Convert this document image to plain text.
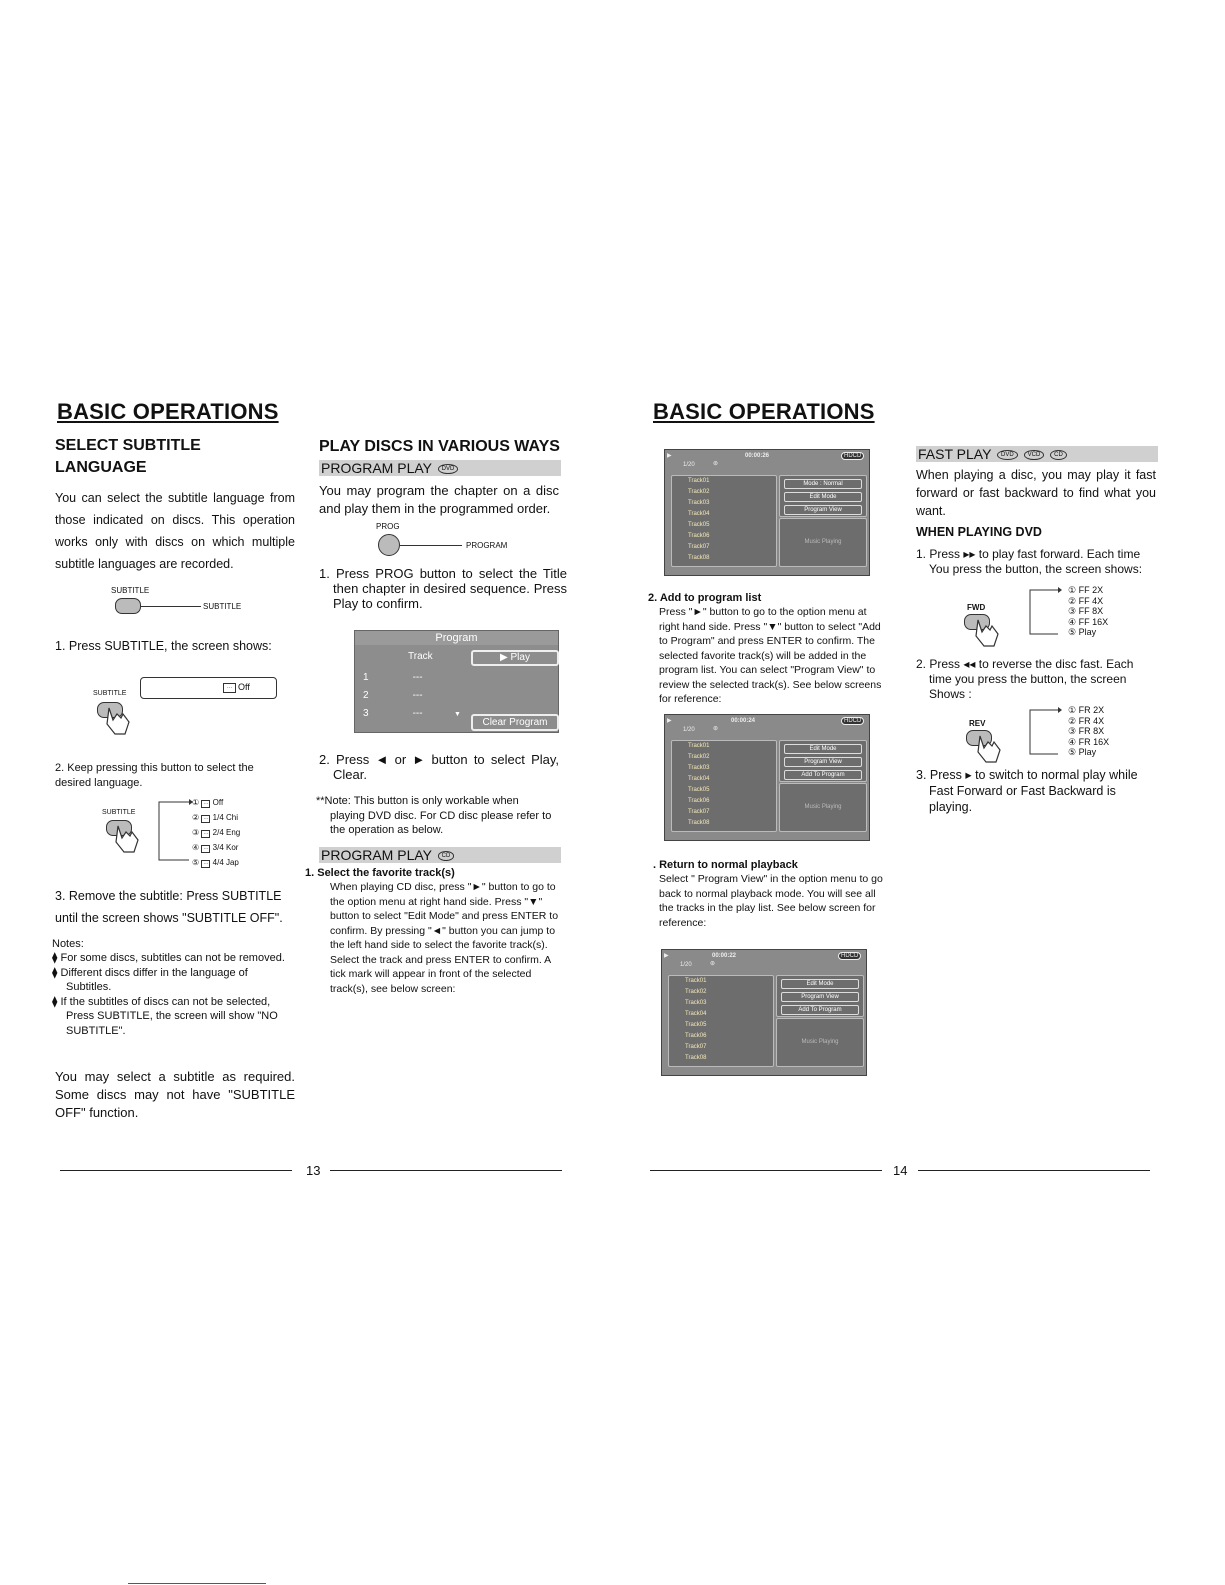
BASIC OPERATIONS
SELECT SUBTITLE
LANGUAGE
You can select the subtitle language from those indicated on discs. This operation works only with discs on which multiple subtitle languages are recorded.
SUBTITLE
SUBTITLE
1. Press SUBTITLE, the screen shows:
··· Off
SUBTITLE
2. Keep pressing this button to select the desired language.
SUBTITLE
① ··· Off
② ··· 1/4 Chi
③ ··· 2/4 Eng
④ ··· 3/4 Kor
⑤ ··· 4/4 Jap
3. Remove the subtitle: Press SUBTITLE until the screen shows "SUBTITLE OFF".
Notes:
⧫ For some discs, subtitles can not be removed.
⧫ Different discs differ in the language of Subtitles.
⧫ If the subtitles of discs can not be selected, Press SUBTITLE, the screen will show "NO SUBTITLE".
You may select a subtitle as required. Some discs may not have "SUBTITLE OFF" function.
PLAY DISCS IN VARIOUS WAYS
PROGRAM PLAY DVD
You may program the chapter on a disc and play them in the programmed order.
PROG
PROGRAM
1. Press PROG button to select the Title then chapter in desired sequence. Press Play to confirm.
Program
Track	▶ Play
1	---
2	---
3	---	▼
Clear Program
2. Press ◄ or ► button to select Play, Clear.
**Note: This button is only workable when playing DVD disc. For CD disc please refer to the operation as below.
PROGRAM PLAY CD
1. Select the favorite track(s)
When playing CD disc, press "►" button to go to the option menu at right hand side. Press "▼" button to select "Edit Mode" and press ENTER to confirm. By pressing "◄" button you can jump to the left hand side to select the favorite track(s). Select the track and press ENTER to confirm. A tick mark will appear in front of the selected track(s), see below screen:
13
BASIC OPERATIONS
▶	00:00:26	HDCD
1/20	⊛
Track01
Track02
Track03
Track04
Track05
Track06
Track07
Track08
Mode : Normal
Edit Mode
Program View
Music Playing
2. Add to program list
Press "►" button to go to the option menu at right hand side. Press "▼" button to select "Add to Program" and press ENTER to confirm. The selected favorite track(s) will be added in the program list. You can select "Program View" to review the selected track(s). See below screens for reference:
▶	00:00:24	HDCD
1/20	⊛
Track01
Track02
Track03
Track04
Track05
Track06
Track07
Track08
Edit Mode
Program View
Add To Program
Music Playing
. Return to normal playback
Select " Program View" in the option menu to go back to normal playback mode. You will see all the tracks in the play list. See below screen for reference:
▶	00:00:22	HDCD
1/20	⊛
Track01
Track02
Track03
Track04
Track05
Track06
Track07
Track08
Edit Mode
Program View
Add To Program
Music Playing
FAST PLAY DVD VCD CD
When playing a disc, you may play it fast forward or fast backward to find what you want.
WHEN PLAYING DVD
1. Press ▸▸ to play fast forward. Each time You press the button, the screen shows:
FWD
① FF 2X
② FF 4X
③ FF 8X
④ FF 16X
⑤ Play
2. Press ◂◂ to reverse the disc fast. Each time you press the button, the screen Shows :
REV
① FR 2X
② FR 4X
③ FR 8X
④ FR 16X
⑤ Play
3. Press ▸ to switch to normal play while Fast Forward or Fast Backward is playing.
14
